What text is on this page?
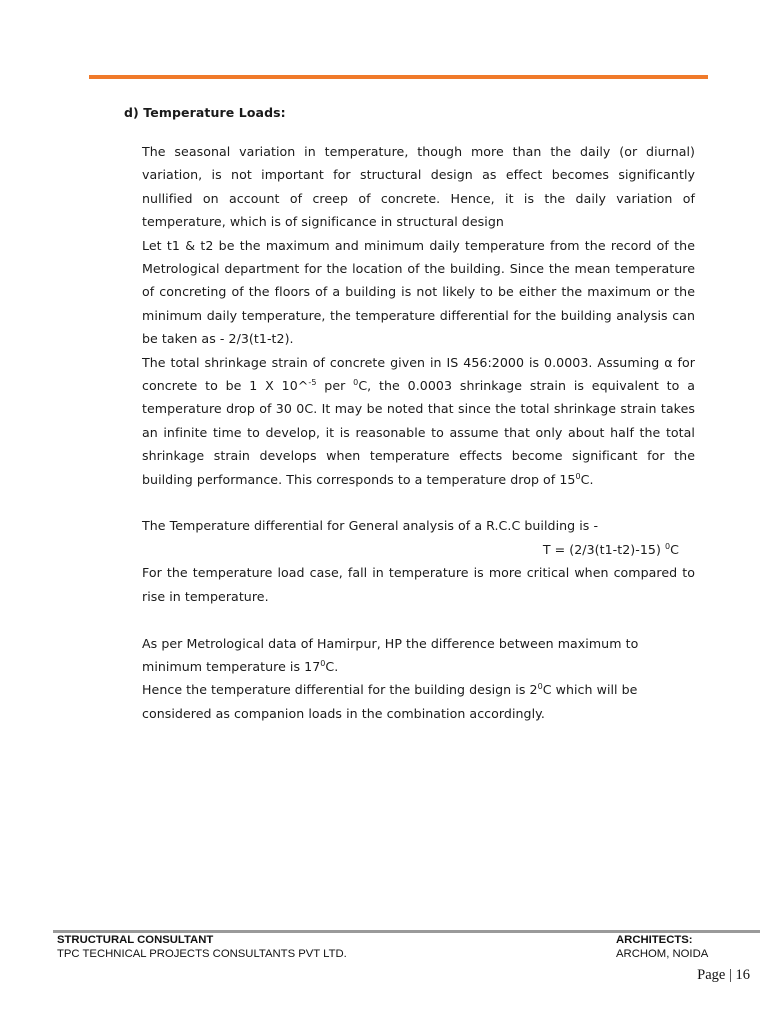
d) Temperature Loads:

The seasonal variation in temperature, though more than the daily (or diurnal) variation, is not important for structural design as effect becomes significantly nullified on account of creep of concrete. Hence, it is the daily variation of temperature, which is of significance in structural design

Let t1 & t2 be the maximum and minimum daily temperature from the record of the Metrological department for the location of the building. Since the mean temperature of concreting of the floors of a building is not likely to be either the maximum or the minimum daily temperature, the temperature differential for the building analysis can be taken as - 2/3(t1-t2).

The total shrinkage strain of concrete given in IS 456:2000 is 0.0003. Assuming α for concrete to be 1 X 10^$^{-5}$ per $^0$C, the 0.0003 shrinkage strain is equivalent to a temperature drop of 30 0C. It may be noted that since the total shrinkage strain takes an infinite time to develop, it is reasonable to assume that only about half the total shrinkage strain develops when temperature effects become significant for the building performance. This corresponds to a temperature drop of $15^0C$.

The Temperature differential for General analysis of a R.C.C building is -

T = (2/3(t1-t2)-15) $^0$C

For the temperature load case, fall in temperature is more critical when compared to rise in temperature.

As per Metrological data of Hamirpur, HP the difference between maximum to minimum temperature is $17^0C$.

Hence the temperature differential for the building design is $2^0C$ which will be considered as companion loads in the combination accordingly.

STRUCTURAL CONSULTANT	ARCHITECTS:
TPC TECHNICAL PROJECTS CONSULTANTS PVT LTD.	ARCHOM, NOIDA
Page | 16
